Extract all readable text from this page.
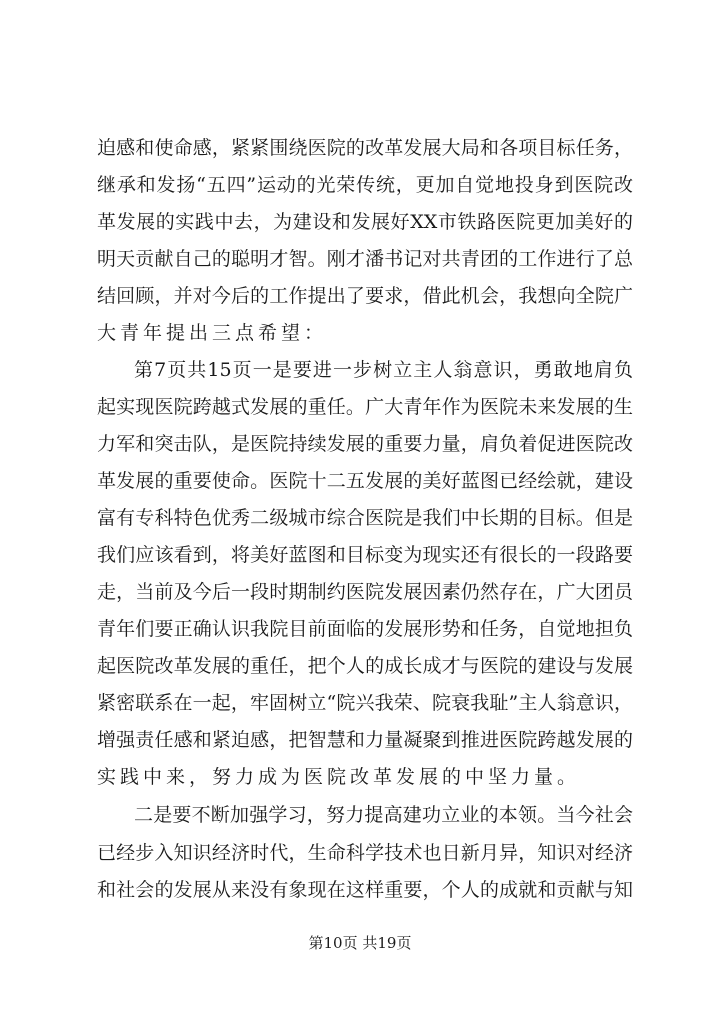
迫感和使命感，紧紧围绕医院的改革发展大局和各项目标任务，
继承和发扬“五四”运动的光荣传统，更加自觉地投身到医院改
革发展的实践中去，为建设和发展好XX市铁路医院更加美好的
明天贡献自己的聪明才智。刚才潘书记对共青团的工作进行了总
结回顾，并对今后的工作提出了要求，借此机会，我想向全院广
大青年提出三点希望：
第7页共15页一是要进一步树立主人翁意识，勇敢地肩负
起实现医院跨越式发展的重任。广大青年作为医院未来发展的生
力军和突击队，是医院持续发展的重要力量，肩负着促进医院改
革发展的重要使命。医院十二五发展的美好蓝图已经绘就，建设
富有专科特色优秀二级城市综合医院是我们中长期的目标。但是
我们应该看到，将美好蓝图和目标变为现实还有很长的一段路要
走，当前及今后一段时期制约医院发展因素仍然存在，广大团员
青年们要正确认识我院目前面临的发展形势和任务，自觉地担负
起医院改革发展的重任，把个人的成长成才与医院的建设与发展
紧密联系在一起，牢固树立“院兴我荣、院衰我耻”主人翁意识，
增强责任感和紧迫感，把智慧和力量凝聚到推进医院跨越发展的
实践中来，努力成为医院改革发展的中坚力量。
二是要不断加强学习，努力提高建功立业的本领。当今社会
已经步入知识经济时代，生命科学技术也日新月异，知识对经济
和社会的发展从来没有象现在这样重要，个人的成就和贡献与知
第10页 共19页
